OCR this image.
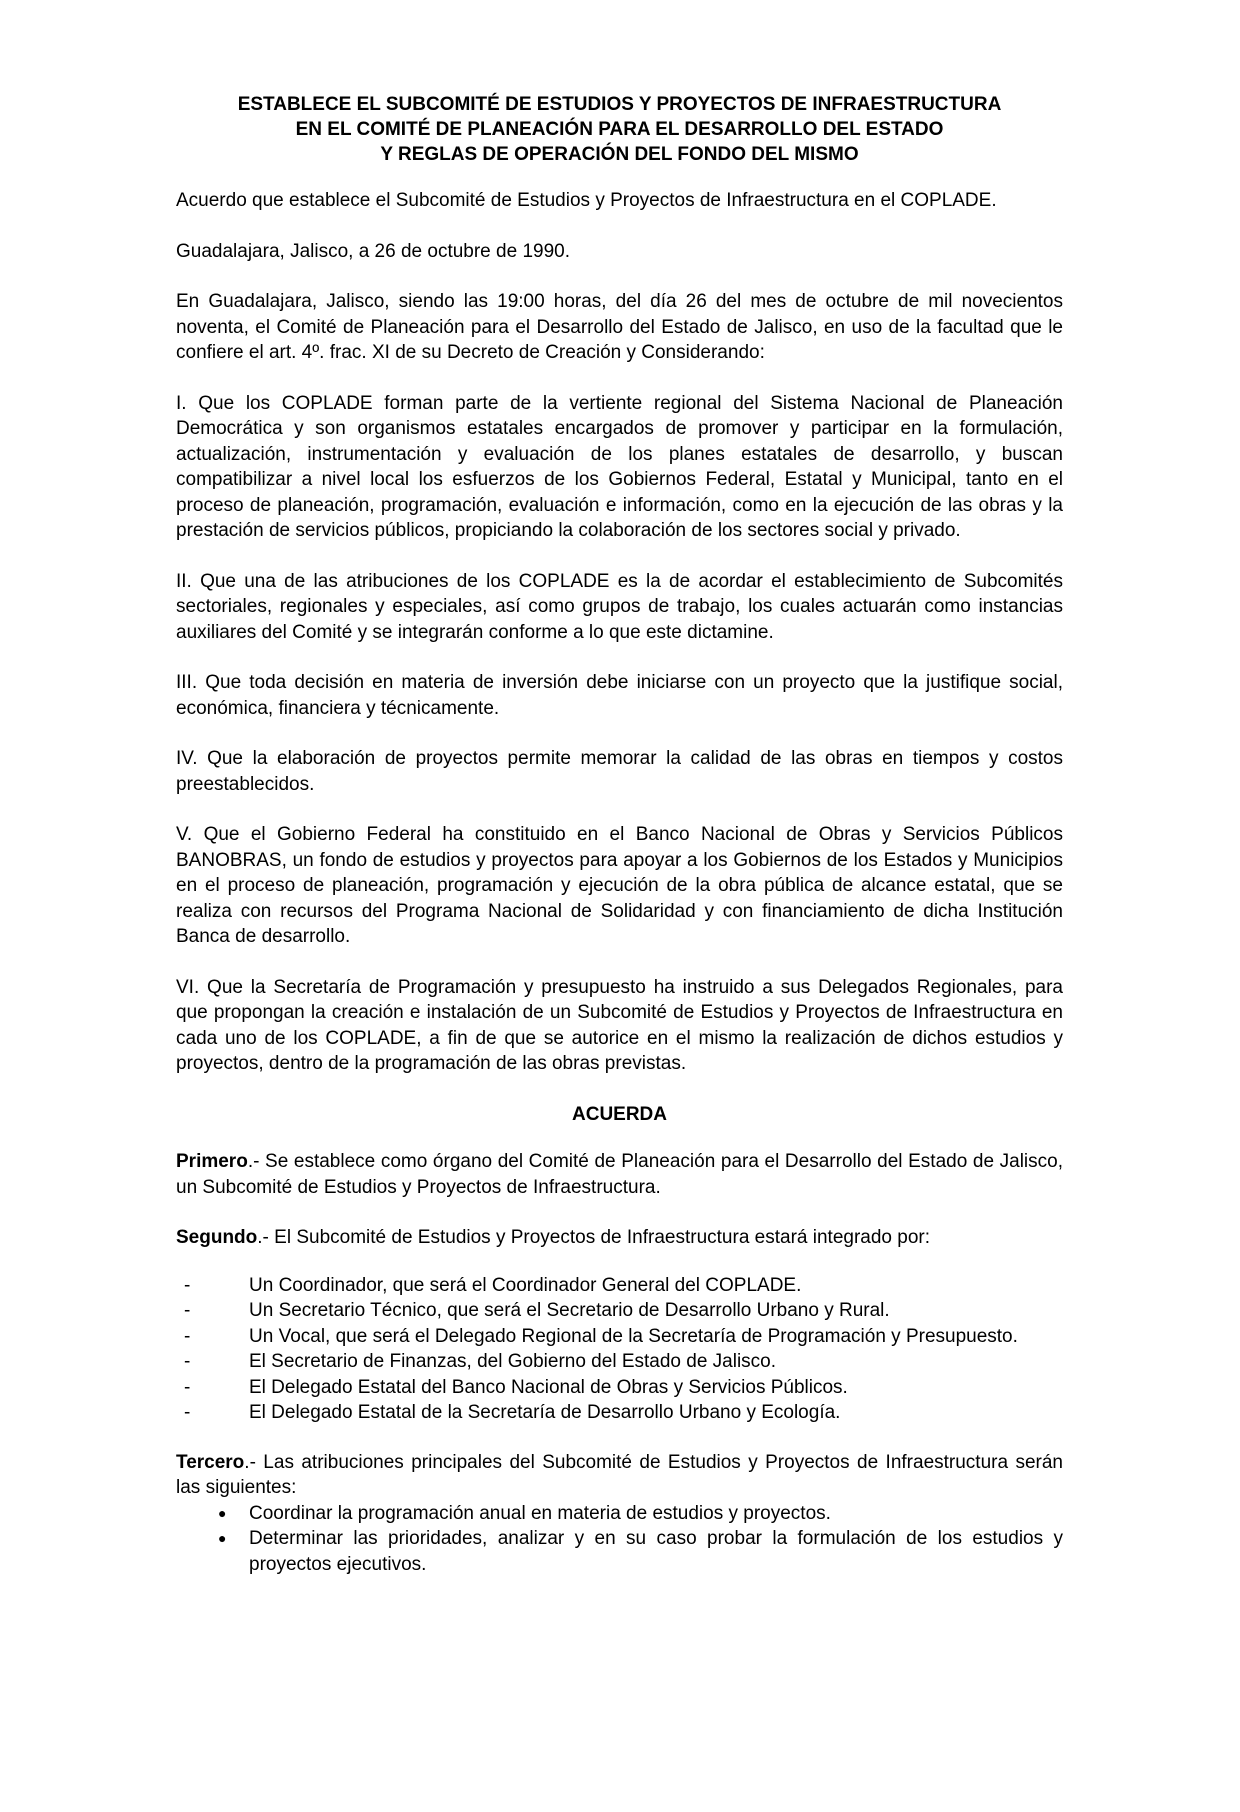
ESTABLECE EL SUBCOMITÉ DE ESTUDIOS Y PROYECTOS DE INFRAESTRUCTURA
EN EL COMITÉ DE PLANEACIÓN PARA EL DESARROLLO DEL ESTADO
Y REGLAS DE OPERACIÓN DEL FONDO DEL MISMO

Acuerdo que establece el Subcomité de Estudios y Proyectos de Infraestructura en el COPLADE.

Guadalajara, Jalisco, a 26 de octubre de 1990.

En Guadalajara, Jalisco, siendo las 19:00 horas, del día 26 del mes de octubre de mil novecientos noventa, el Comité de Planeación para el Desarrollo del Estado de Jalisco, en uso de la facultad que le confiere el art. 4º. frac. XI de su Decreto de Creación y Considerando:

I. Que los COPLADE forman parte de la vertiente regional del Sistema Nacional de Planeación Democrática y son organismos estatales encargados de promover y participar en la formulación, actualización, instrumentación y evaluación de los planes estatales de desarrollo, y buscan compatibilizar a nivel local los esfuerzos de los Gobiernos Federal, Estatal y Municipal, tanto en el proceso de planeación, programación, evaluación e información, como en la ejecución de las obras y la prestación de servicios públicos, propiciando la colaboración de los sectores social y privado.

II. Que una de las atribuciones de los COPLADE es la de acordar el establecimiento de Subcomités sectoriales, regionales y especiales, así como grupos de trabajo, los cuales actuarán como instancias auxiliares del Comité y se integrarán conforme a lo que este dictamine.

III. Que toda decisión en materia de inversión debe iniciarse con un proyecto que la justifique social, económica, financiera y técnicamente.

IV. Que la elaboración de proyectos permite memorar la calidad de las obras en tiempos y costos preestablecidos.

V. Que el Gobierno Federal ha constituido en el Banco Nacional de Obras y Servicios Públicos BANOBRAS, un fondo de estudios y proyectos para apoyar a los Gobiernos de los Estados y Municipios en el proceso de planeación, programación y ejecución de la obra pública de alcance estatal, que se realiza con recursos del Programa Nacional de Solidaridad y con financiamiento de dicha Institución Banca de desarrollo.

VI. Que la Secretaría de Programación y presupuesto ha instruido a sus Delegados Regionales, para que propongan la creación e instalación de un Subcomité de Estudios y Proyectos de Infraestructura en cada uno de los COPLADE, a fin de que se autorice en el mismo la realización de dichos estudios y proyectos, dentro de la programación de las obras previstas.

ACUERDA

Primero.- Se establece como órgano del Comité de Planeación para el Desarrollo del Estado de Jalisco, un Subcomité de Estudios y Proyectos de Infraestructura.

Segundo.- El Subcomité de Estudios y Proyectos de Infraestructura estará integrado por:

-	Un Coordinador, que será el Coordinador General del COPLADE.
-	Un Secretario Técnico, que será el Secretario de Desarrollo Urbano y Rural.
-	Un Vocal, que será el Delegado Regional de la Secretaría de Programación y Presupuesto.
-	El Secretario de Finanzas, del Gobierno del Estado de Jalisco.
-	El Delegado Estatal del Banco Nacional de Obras y Servicios Públicos.
-	El Delegado Estatal de la Secretaría de Desarrollo Urbano y Ecología.

Tercero.- Las atribuciones principales del Subcomité de Estudios y Proyectos de Infraestructura serán las siguientes:

● Coordinar la programación anual en materia de estudios y proyectos.
● Determinar las prioridades, analizar y en su caso probar la formulación de los estudios y proyectos ejecutivos.
